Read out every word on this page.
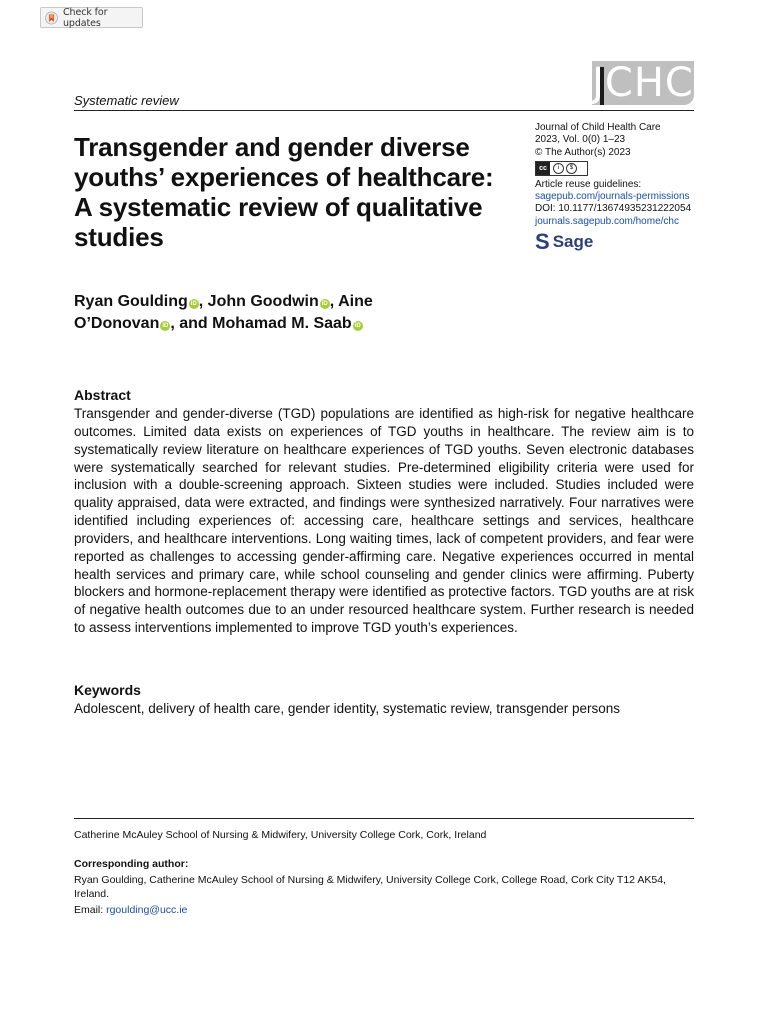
Check for updates
JCHC
Systematic review
Transgender and gender diverse youths’ experiences of healthcare: A systematic review of qualitative studies
Journal of Child Health Care
2023, Vol. 0(0) 1–23
© The Author(s) 2023
cc	i	$
Article reuse guidelines:
sagepub.com/journals-permissions
DOI: 10.1177/13674935231222054
journals.sagepub.com/home/chc
S Sage
Ryan Goulding iD , John Goodwin iD , Aine
O’Donovan iD , and Mohamad M. Saab iD
Abstract
Transgender and gender-diverse (TGD) populations are identified as high-risk for negative healthcare outcomes. Limited data exists on experiences of TGD youths in healthcare. The review aim is to systematically review literature on healthcare experiences of TGD youths. Seven electronic databases were systematically searched for relevant studies. Pre-determined eligibility criteria were used for inclusion with a double-screening approach. Sixteen studies were included. Studies included were quality appraised, data were extracted, and findings were synthesized narratively. Four narratives were identified including experiences of: accessing care, healthcare settings and services, healthcare providers, and healthcare interventions. Long waiting times, lack of competent providers, and fear were reported as challenges to accessing gender-affirming care. Negative experiences occurred in mental health services and primary care, while school counseling and gender clinics were affirming. Puberty blockers and hormone-replacement therapy were identified as protective factors. TGD youths are at risk of negative health outcomes due to an under resourced healthcare system. Further research is needed to assess interventions implemented to improve TGD youth’s experiences.
Keywords
Adolescent, delivery of health care, gender identity, systematic review, transgender persons
Catherine McAuley School of Nursing & Midwifery, University College Cork, Cork, Ireland
Corresponding author:
Ryan Goulding, Catherine McAuley School of Nursing & Midwifery, University College Cork, College Road, Cork City T12 AK54, Ireland.
Email: rgoulding@ucc.ie
